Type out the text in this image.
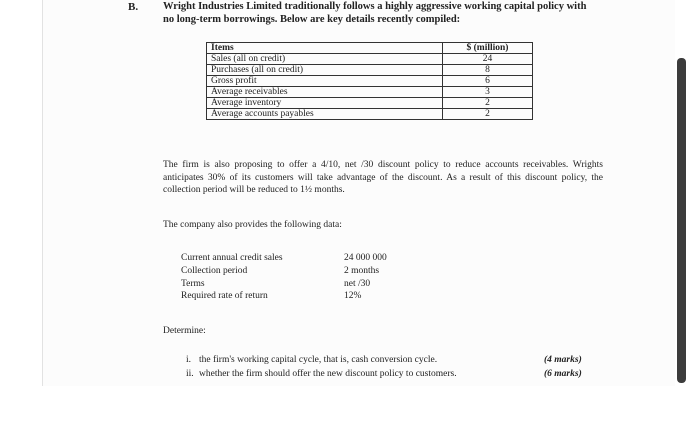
B. Wright Industries Limited traditionally follows a highly aggressive working capital policy with no long-term borrowings. Below are key details recently compiled:
Items	$ (million)
Sales (all on credit)	24
Purchases (all on credit)	8
Gross profit	6
Average receivables	3
Average inventory	2
Average accounts payables	2
The firm is also proposing to offer a 4/10, net /30 discount policy to reduce accounts receivables. Wrights anticipates 30% of its customers will take advantage of the discount. As a result of this discount policy, the collection period will be reduced to 1½ months.
The company also provides the following data:
Current annual credit sales	24 000 000
Collection period	2 months
Terms	net /30
Required rate of return	12%
Determine:
i. the firm's working capital cycle, that is, cash conversion cycle.	(4 marks)
ii. whether the firm should offer the new discount policy to customers.	(6 marks)
